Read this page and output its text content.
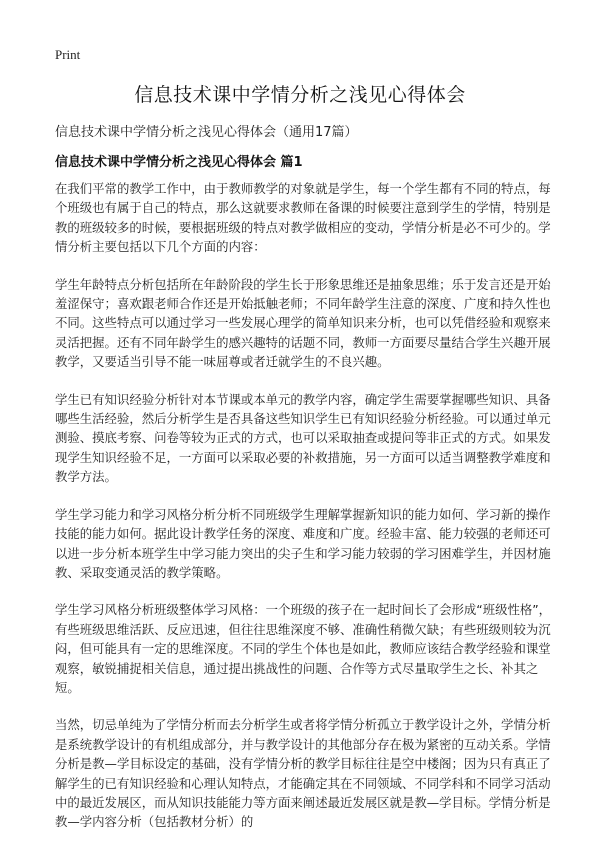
Print
信息技术课中学情分析之浅见心得体会
信息技术课中学情分析之浅见心得体会（通用17篇）
信息技术课中学情分析之浅见心得体会 篇1

在我们平常的教学工作中，由于教师教学的对象就是学生，每一个学生都有不同的特点，每个班级也有属于自己的特点，那么这就要求教师在备课的时候要注意到学生的学情，特别是教的班级较多的时候，要根据班级的特点对教学做相应的变动，学情分析是必不可少的。学情分析主要包括以下几个方面的内容：

学生年龄特点分析包括所在年龄阶段的学生长于形象思维还是抽象思维；乐于发言还是开始羞涩保守；喜欢跟老师合作还是开始抵触老师；不同年龄学生注意的深度、广度和持久性也不同。这些特点可以通过学习一些发展心理学的简单知识来分析，也可以凭借经验和观察来灵活把握。还有不同年龄学生的感兴趣特的话题不同，教师一方面要尽量结合学生兴趣开展教学，又要适当引导不能一味屈尊或者迁就学生的不良兴趣。

学生已有知识经验分析针对本节课或本单元的教学内容，确定学生需要掌握哪些知识、具备哪些生活经验，然后分析学生是否具备这些知识学生已有知识经验分析经验。可以通过单元测验、摸底考察、问卷等较为正式的方式，也可以采取抽查或提问等非正式的方式。如果发现学生知识经验不足，一方面可以采取必要的补救措施，另一方面可以适当调整教学难度和教学方法。

学生学习能力和学习风格分析分析不同班级学生理解掌握新知识的能力如何、学习新的操作技能的能力如何。据此设计教学任务的深度、难度和广度。经验丰富、能力较强的老师还可以进一步分析本班学生中学习能力突出的尖子生和学习能力较弱的学习困难学生，并因材施教、采取变通灵活的教学策略。

学生学习风格分析班级整体学习风格：一个班级的孩子在一起时间长了会形成“班级性格”，有些班级思维活跃、反应迅速，但往往思维深度不够、准确性稍微欠缺；有些班级则较为沉闷，但可能具有一定的思维深度。不同的学生个体也是如此，教师应该结合教学经验和课堂观察，敏锐捕捉相关信息，通过提出挑战性的问题、合作等方式尽量取学生之长、补其之短。

当然，切忌单纯为了学情分析而去分析学生或者将学情分析孤立于教学设计之外，学情分析是系统教学设计的有机组成部分，并与教学设计的其他部分存在极为紧密的互动关系。学情分析是教—学目标设定的基础，没有学情分析的教学目标往往是空中楼阁；因为只有真正了解学生的已有知识经验和心理认知特点，才能确定其在不同领域、不同学科和不同学习活动中的最近发展区，而从知识技能能力等方面来阐述最近发展区就是教—学目标。学情分析是教—学内容分析（包括教材分析）的
